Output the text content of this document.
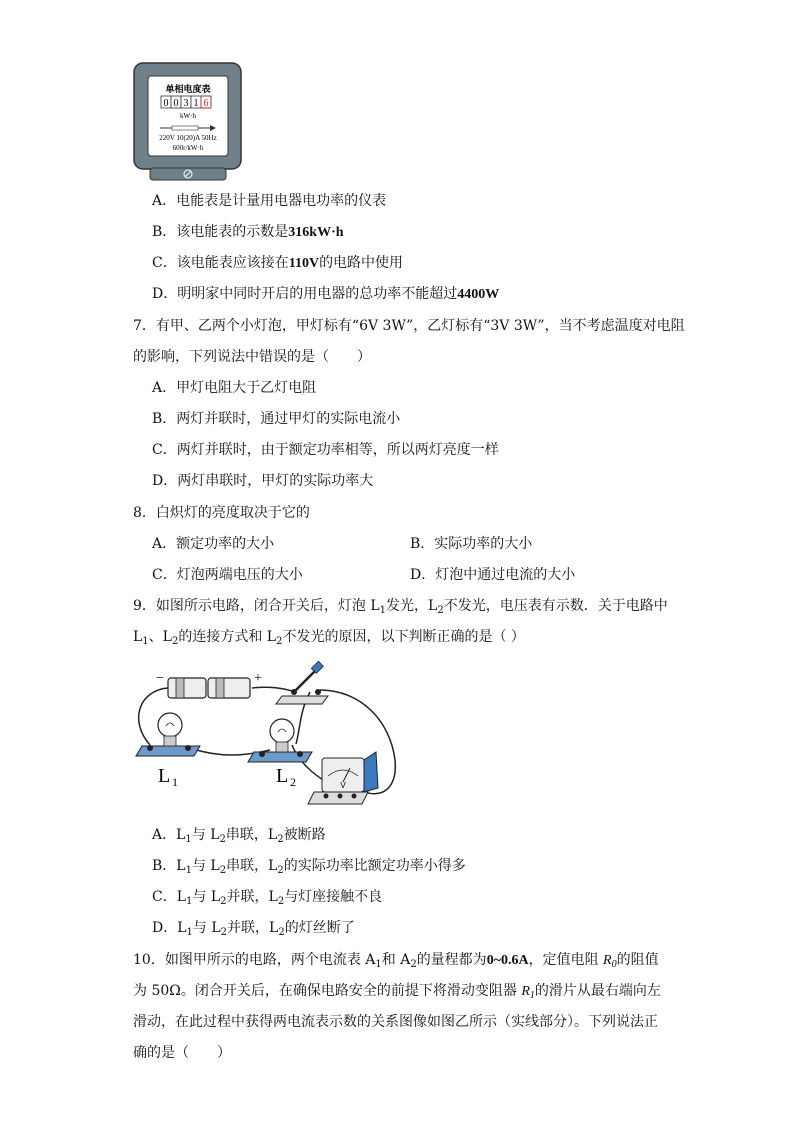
单相电度表
0 0 3 1 6
kW·h
220V 10(20)A 50Hz
600r/kW·h
A．电能表是计量用电器电功率的仪表
B．该电能表的示数是316kW·h
C．该电能表应该接在110V的电路中使用
D．明明家中同时开启的用电器的总功率不能超过4400W
7．有甲、乙两个小灯泡，甲灯标有“6V 3W”，乙灯标有“3V 3W”，当不考虑温度对电阻
的影响，下列说法中错误的是（　　）
A．甲灯电阻大于乙灯电阻
B．两灯并联时，通过甲灯的实际电流小
C．两灯并联时，由于额定功率相等，所以两灯亮度一样
D．两灯串联时，甲灯的实际功率大
8．白炽灯的亮度取决于它的
A．额定功率的大小	B．实际功率的大小
C．灯泡两端电压的大小	D．灯泡中通过电流的大小
9．如图所示电路，闭合开关后，灯泡 $L_1$发光，$L_2$不发光，电压表有示数．关于电路中
$L_1$、$L_2$的连接方式和 $L_2$不发光的原因，以下判断正确的是（ ）
−	+
L 1	L 2	V
A．$L_1$与 $L_2$串联，$L_2$被断路
B．$L_1$与 $L_2$串联，$L_2$的实际功率比额定功率小得多
C．$L_1$与 $L_2$并联，$L_2$与灯座接触不良
D．$L_1$与 $L_2$并联，$L_2$的灯丝断了
10．如图甲所示的电路，两个电流表 $A_1$和 $A_2$的量程都为0~0.6A，定值电阻 $R_0$的阻值
为 50Ω。闭合开关后，在确保电路安全的前提下将滑动变阻器 $R_1$的滑片从最右端向左
滑动，在此过程中获得两电流表示数的关系图像如图乙所示（实线部分）。下列说法正
确的是（　　）
